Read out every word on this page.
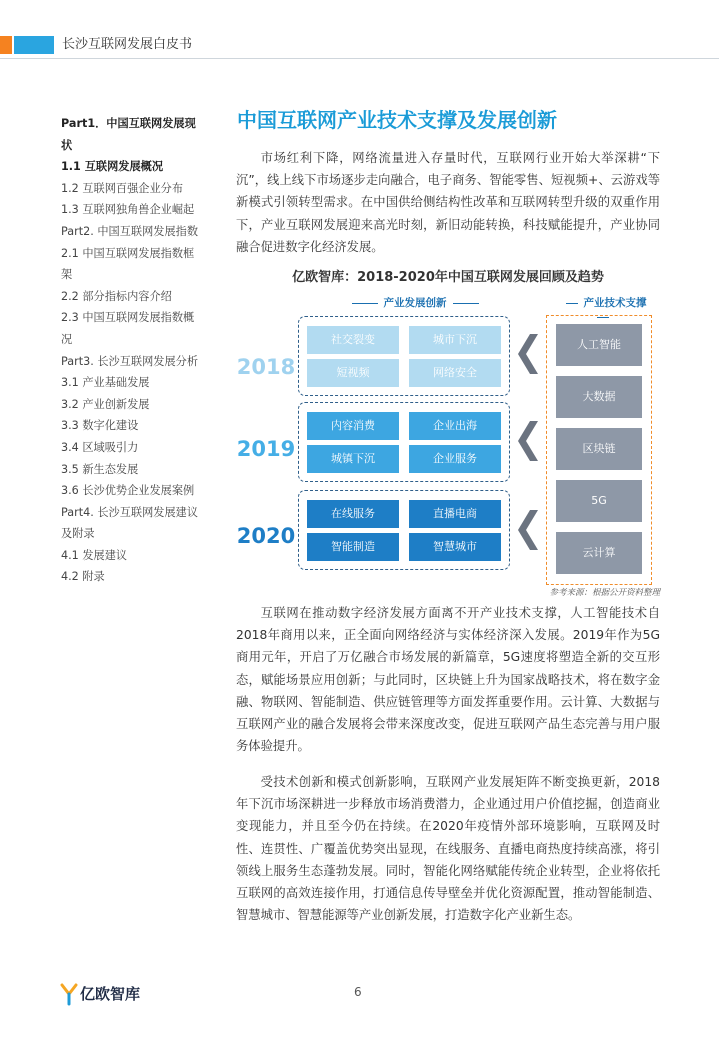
长沙互联网发展白皮书
Part1．中国互联网发展现
状
1.1 互联网发展概况
1.2 互联网百强企业分布
1.3 互联网独角兽企业崛起
Part2. 中国互联网发展指数
2.1 中国互联网发展指数框
架
2.2 部分指标内容介绍
2.3 中国互联网发展指数概
况
Part3. 长沙互联网发展分析
3.1 产业基础发展
3.2 产业创新发展
3.3 数字化建设
3.4 区域吸引力
3.5 新生态发展
3.6 长沙优势企业发展案例
Part4. 长沙互联网发展建议
及附录
4.1 发展建议
4.2 附录
中国互联网产业技术支撑及发展创新
市场红利下降，网络流量进入存量时代，互联网行业开始大举深耕“下沉”，线上线下市场逐步走向融合，电子商务、智能零售、短视频+、云游戏等新模式引领转型需求。在中国供给侧结构性改革和互联网转型升级的双重作用下，产业互联网发展迎来高光时刻，新旧动能转换，科技赋能提升，产业协同融合促进数字化经济发展。
亿欧智库：2018-2020年中国互联网发展回顾及趋势
产业发展创新	产业技术支撑
2018
2019
2020
社交裂变	城市下沉
短视频	网络安全
内容消费	企业出海
城镇下沉	企业服务
在线服务	直播电商
智能制造	智慧城市
人工智能
大数据
区块链
5G
云计算
参考来源：根据公开资料整理
互联网在推动数字经济发展方面离不开产业技术支撑，人工智能技术自2018年商用以来，正全面向网络经济与实体经济深入发展。2019年作为5G商用元年，开启了万亿融合市场发展的新篇章，5G速度将塑造全新的交互形态，赋能场景应用创新；与此同时，区块链上升为国家战略技术，将在数字金融、物联网、智能制造、供应链管理等方面发挥重要作用。云计算、大数据与互联网产业的融合发展将会带来深度改变，促进互联网产品生态完善与用户服务体验提升。
受技术创新和模式创新影响，互联网产业发展矩阵不断变换更新，2018年下沉市场深耕进一步释放市场消费潜力，企业通过用户价值挖掘，创造商业变现能力，并且至今仍在持续。在2020年疫情外部环境影响，互联网及时性、连贯性、广覆盖优势突出显现，在线服务、直播电商热度持续高涨，将引领线上服务生态蓬勃发展。同时，智能化网络赋能传统企业转型，企业将依托互联网的高效连接作用，打通信息传导壁垒并优化资源配置，推动智能制造、智慧城市、智慧能源等产业创新发展，打造数字化产业新生态。
亿欧智库	6
